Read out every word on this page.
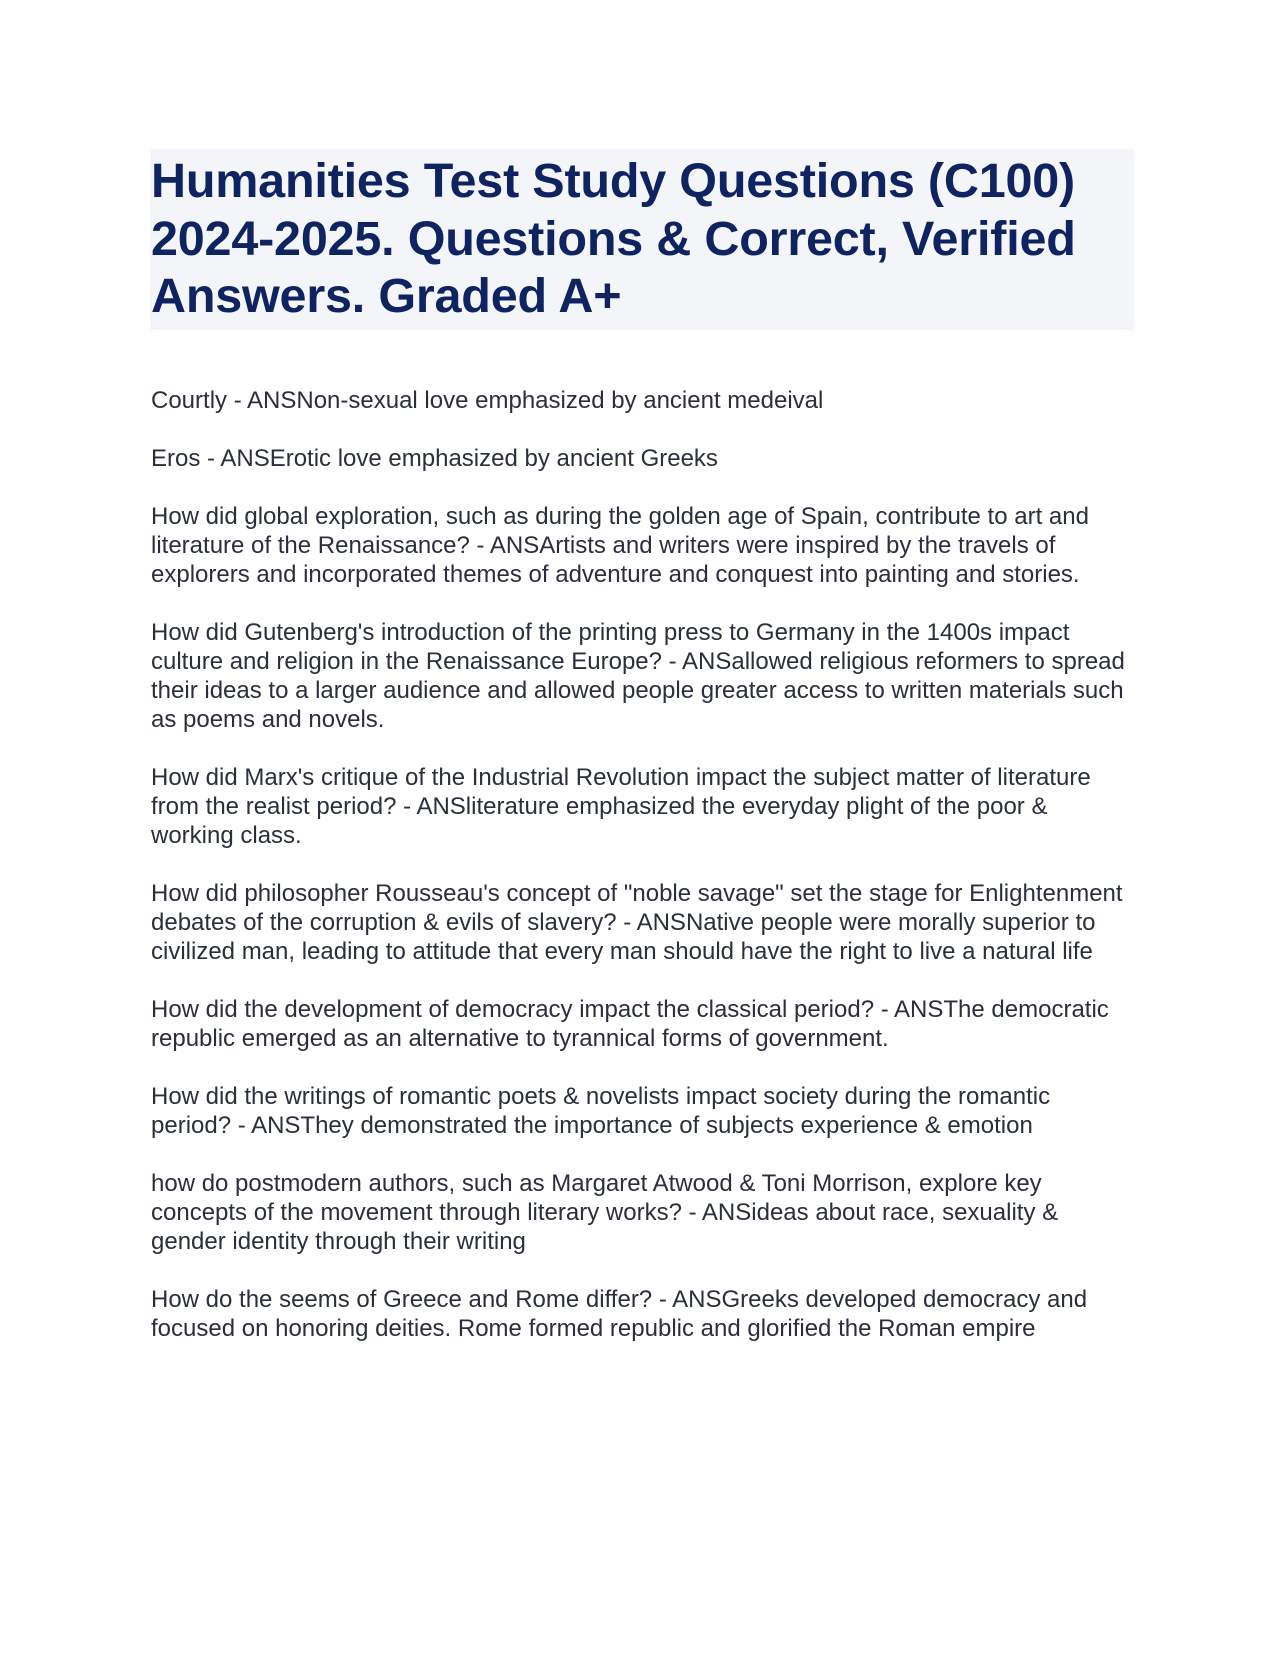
Humanities Test Study Questions (C100) 2024-2025. Questions & Correct, Verified Answers. Graded A+

Courtly - ANSNon-sexual love emphasized by ancient medeival

Eros - ANSErotic love emphasized by ancient Greeks

How did global exploration, such as during the golden age of Spain, contribute to art and literature of the Renaissance? - ANSArtists and writers were inspired by the travels of explorers and incorporated themes of adventure and conquest into painting and stories.

How did Gutenberg's introduction of the printing press to Germany in the 1400s impact culture and religion in the Renaissance Europe? - ANSallowed religious reformers to spread their ideas to a larger audience and allowed people greater access to written materials such as poems and novels.

How did Marx's critique of the Industrial Revolution impact the subject matter of literature from the realist period? - ANSliterature emphasized the everyday plight of the poor & working class.

How did philosopher Rousseau's concept of "noble savage" set the stage for Enlightenment debates of the corruption & evils of slavery? - ANSNative people were morally superior to civilized man, leading to attitude that every man should have the right to live a natural life

How did the development of democracy impact the classical period? - ANSThe democratic republic emerged as an alternative to tyrannical forms of government.

How did the writings of romantic poets & novelists impact society during the romantic period? - ANSThey demonstrated the importance of subjects experience & emotion

how do postmodern authors, such as Margaret Atwood & Toni Morrison, explore key concepts of the movement through literary works? - ANSideas about race, sexuality & gender identity through their writing

How do the seems of Greece and Rome differ? - ANSGreeks developed democracy and focused on honoring deities. Rome formed republic and glorified the Roman empire
